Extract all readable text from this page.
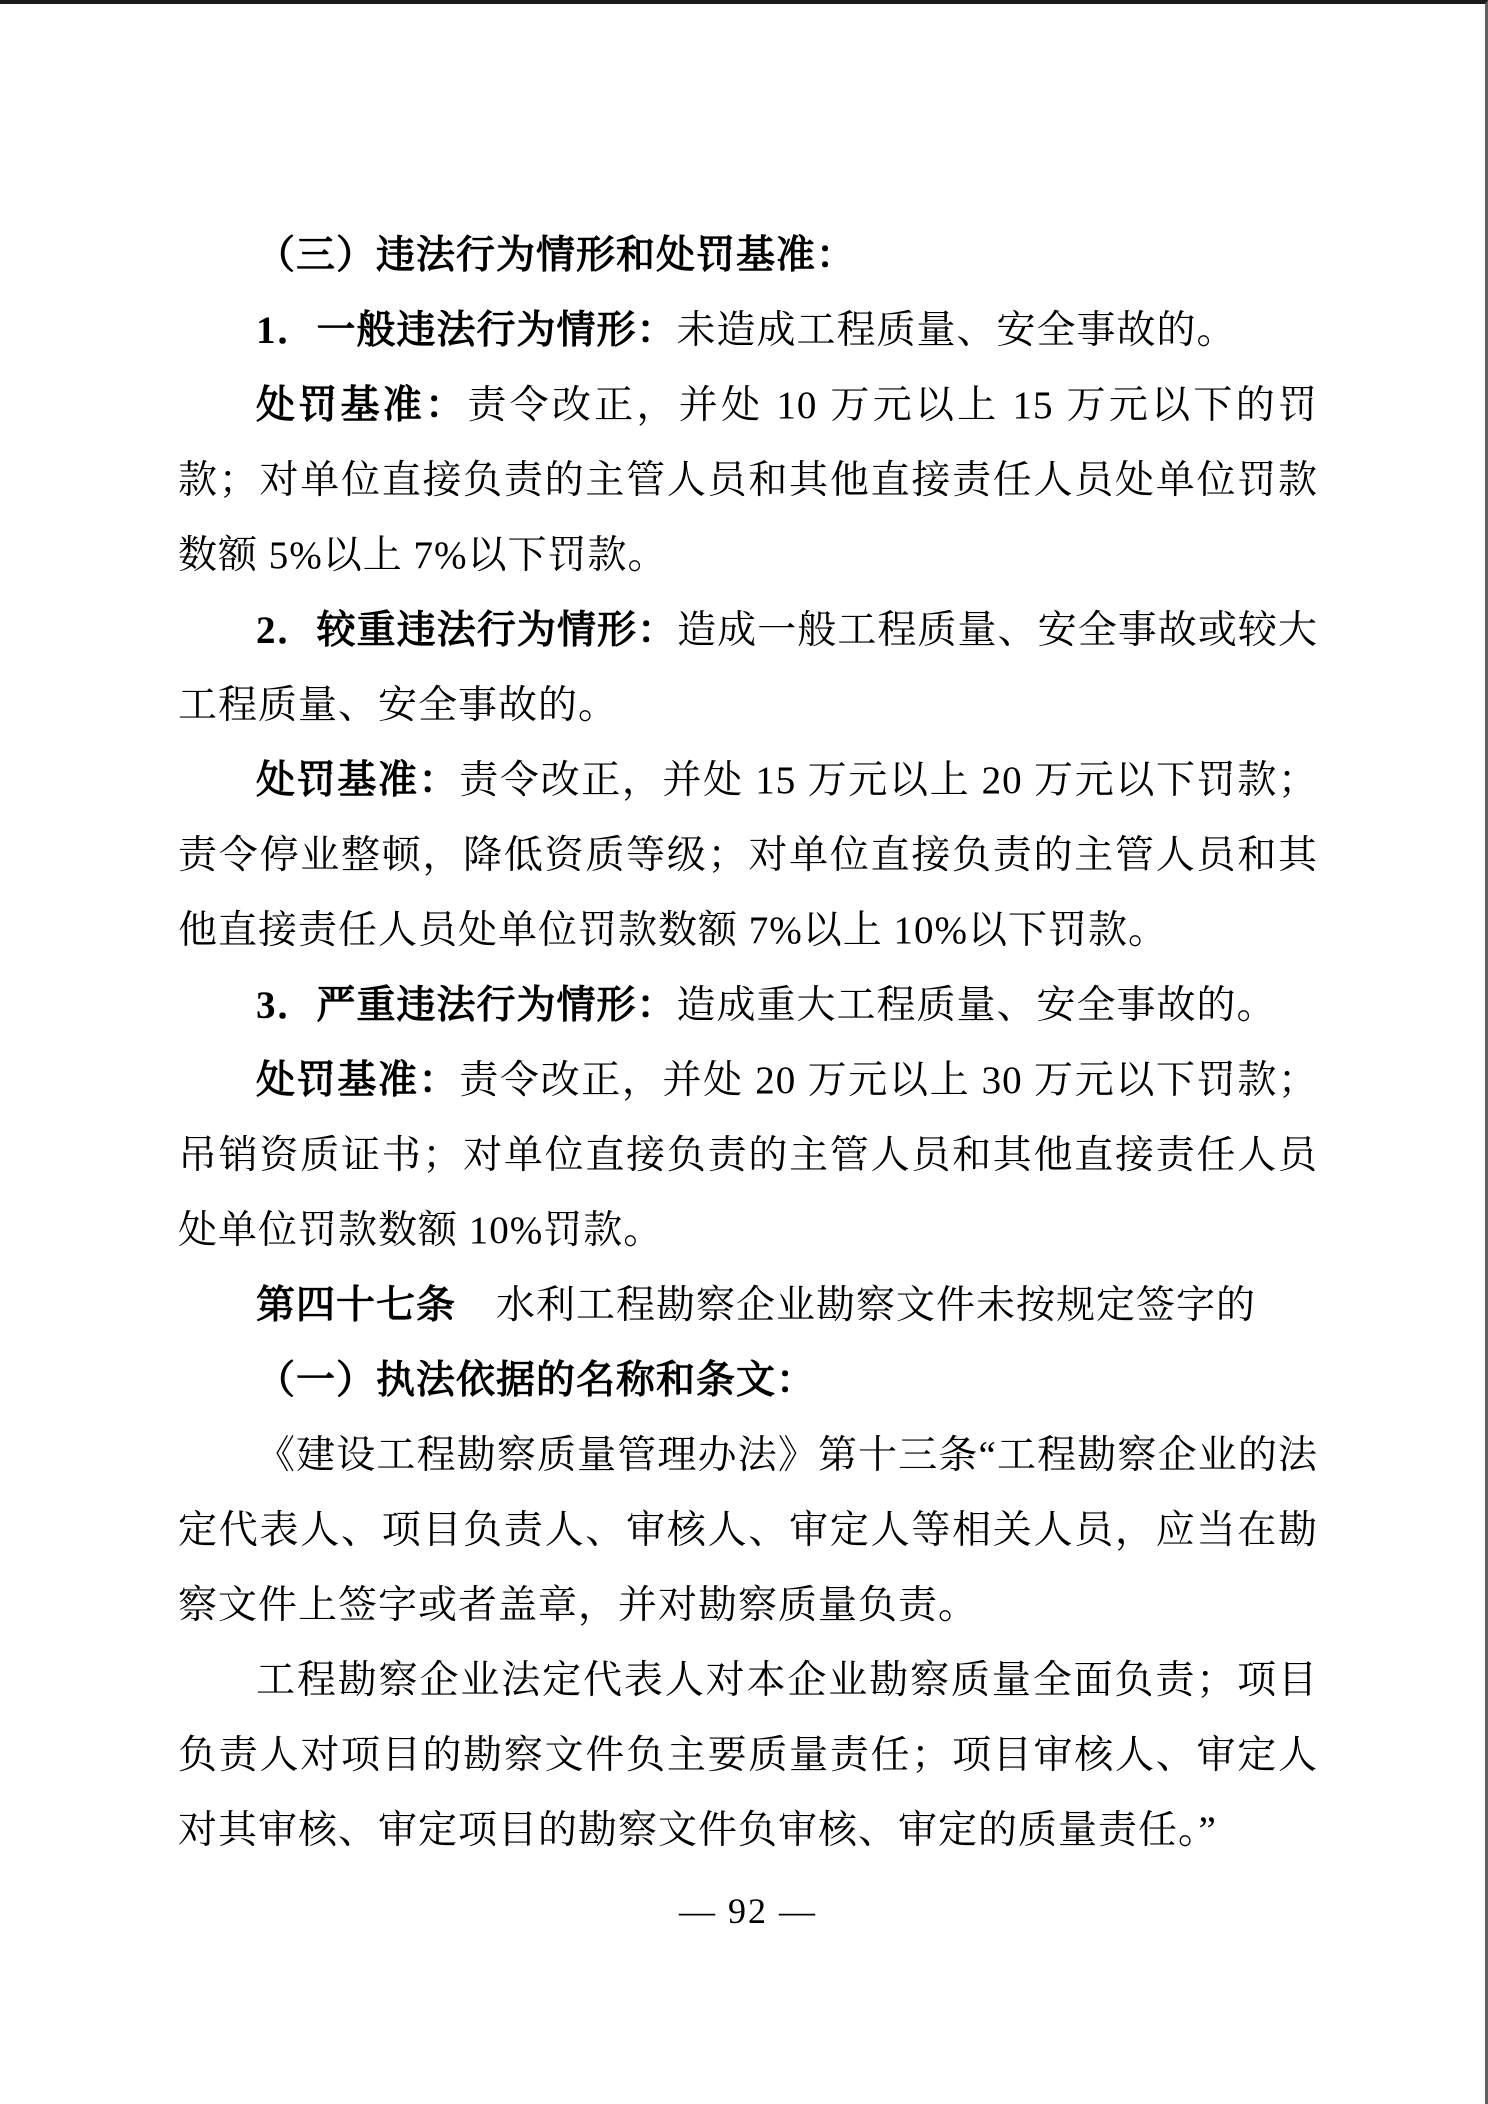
（三）违法行为情形和处罚基准：

1．一般违法行为情形：未造成工程质量、安全事故的。

处罚基准：责令改正，并处 10 万元以上 15 万元以下的罚款；对单位直接负责的主管人员和其他直接责任人员处单位罚款数额 5%以上 7%以下罚款。

2．较重违法行为情形：造成一般工程质量、安全事故或较大工程质量、安全事故的。

处罚基准：责令改正，并处 15 万元以上 20 万元以下罚款；责令停业整顿，降低资质等级；对单位直接负责的主管人员和其他直接责任人员处单位罚款数额 7%以上 10%以下罚款。

3．严重违法行为情形：造成重大工程质量、安全事故的。

处罚基准：责令改正，并处 20 万元以上 30 万元以下罚款；吊销资质证书；对单位直接负责的主管人员和其他直接责任人员处单位罚款数额 10%罚款。

第四十七条　水利工程勘察企业勘察文件未按规定签字的

（一）执法依据的名称和条文：

《建设工程勘察质量管理办法》第十三条“工程勘察企业的法定代表人、项目负责人、审核人、审定人等相关人员，应当在勘察文件上签字或者盖章，并对勘察质量负责。

工程勘察企业法定代表人对本企业勘察质量全面负责；项目负责人对项目的勘察文件负主要质量责任；项目审核人、审定人对其审核、审定项目的勘察文件负审核、审定的质量责任。”

— 92 —
